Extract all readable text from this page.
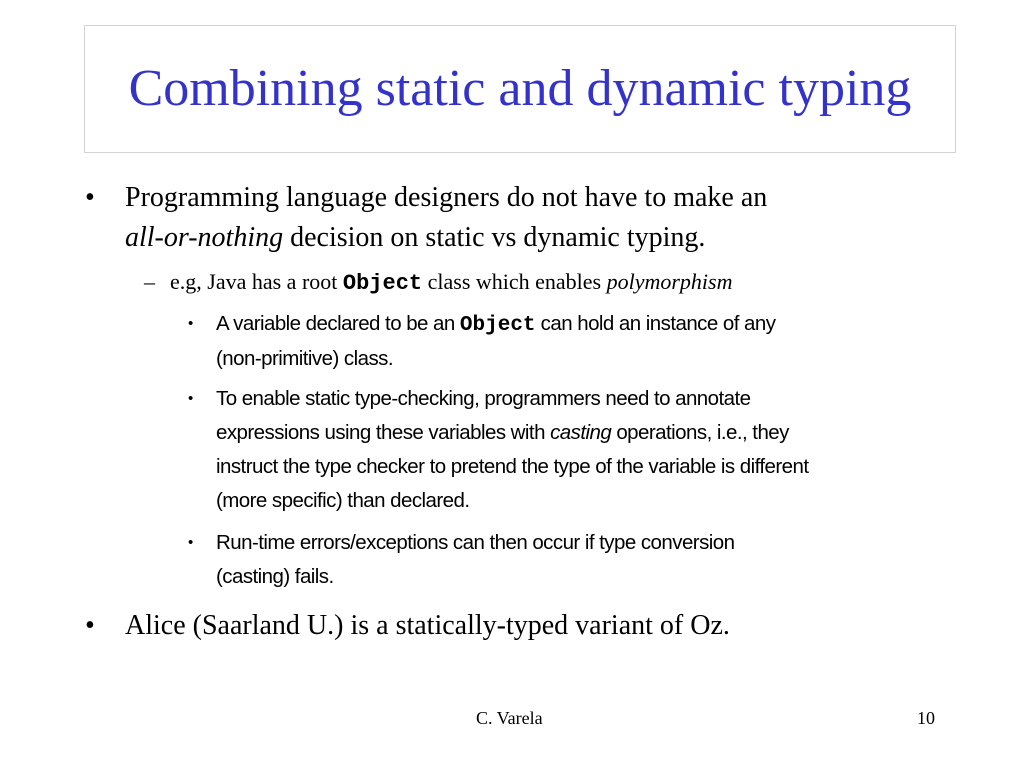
Combining static and dynamic typing
• Programming language designers do not have to make an
all-or-nothing decision on static vs dynamic typing.
– e.g, Java has a root Object class which enables polymorphism
• A variable declared to be an Object can hold an instance of any
(non-primitive) class.
• To enable static type-checking, programmers need to annotate
expressions using these variables with casting operations, i.e., they
instruct the type checker to pretend the type of the variable is different
(more specific) than declared.
• Run-time errors/exceptions can then occur if type conversion
(casting) fails.
• Alice (Saarland U.) is a statically-typed variant of Oz.
C. Varela	10
